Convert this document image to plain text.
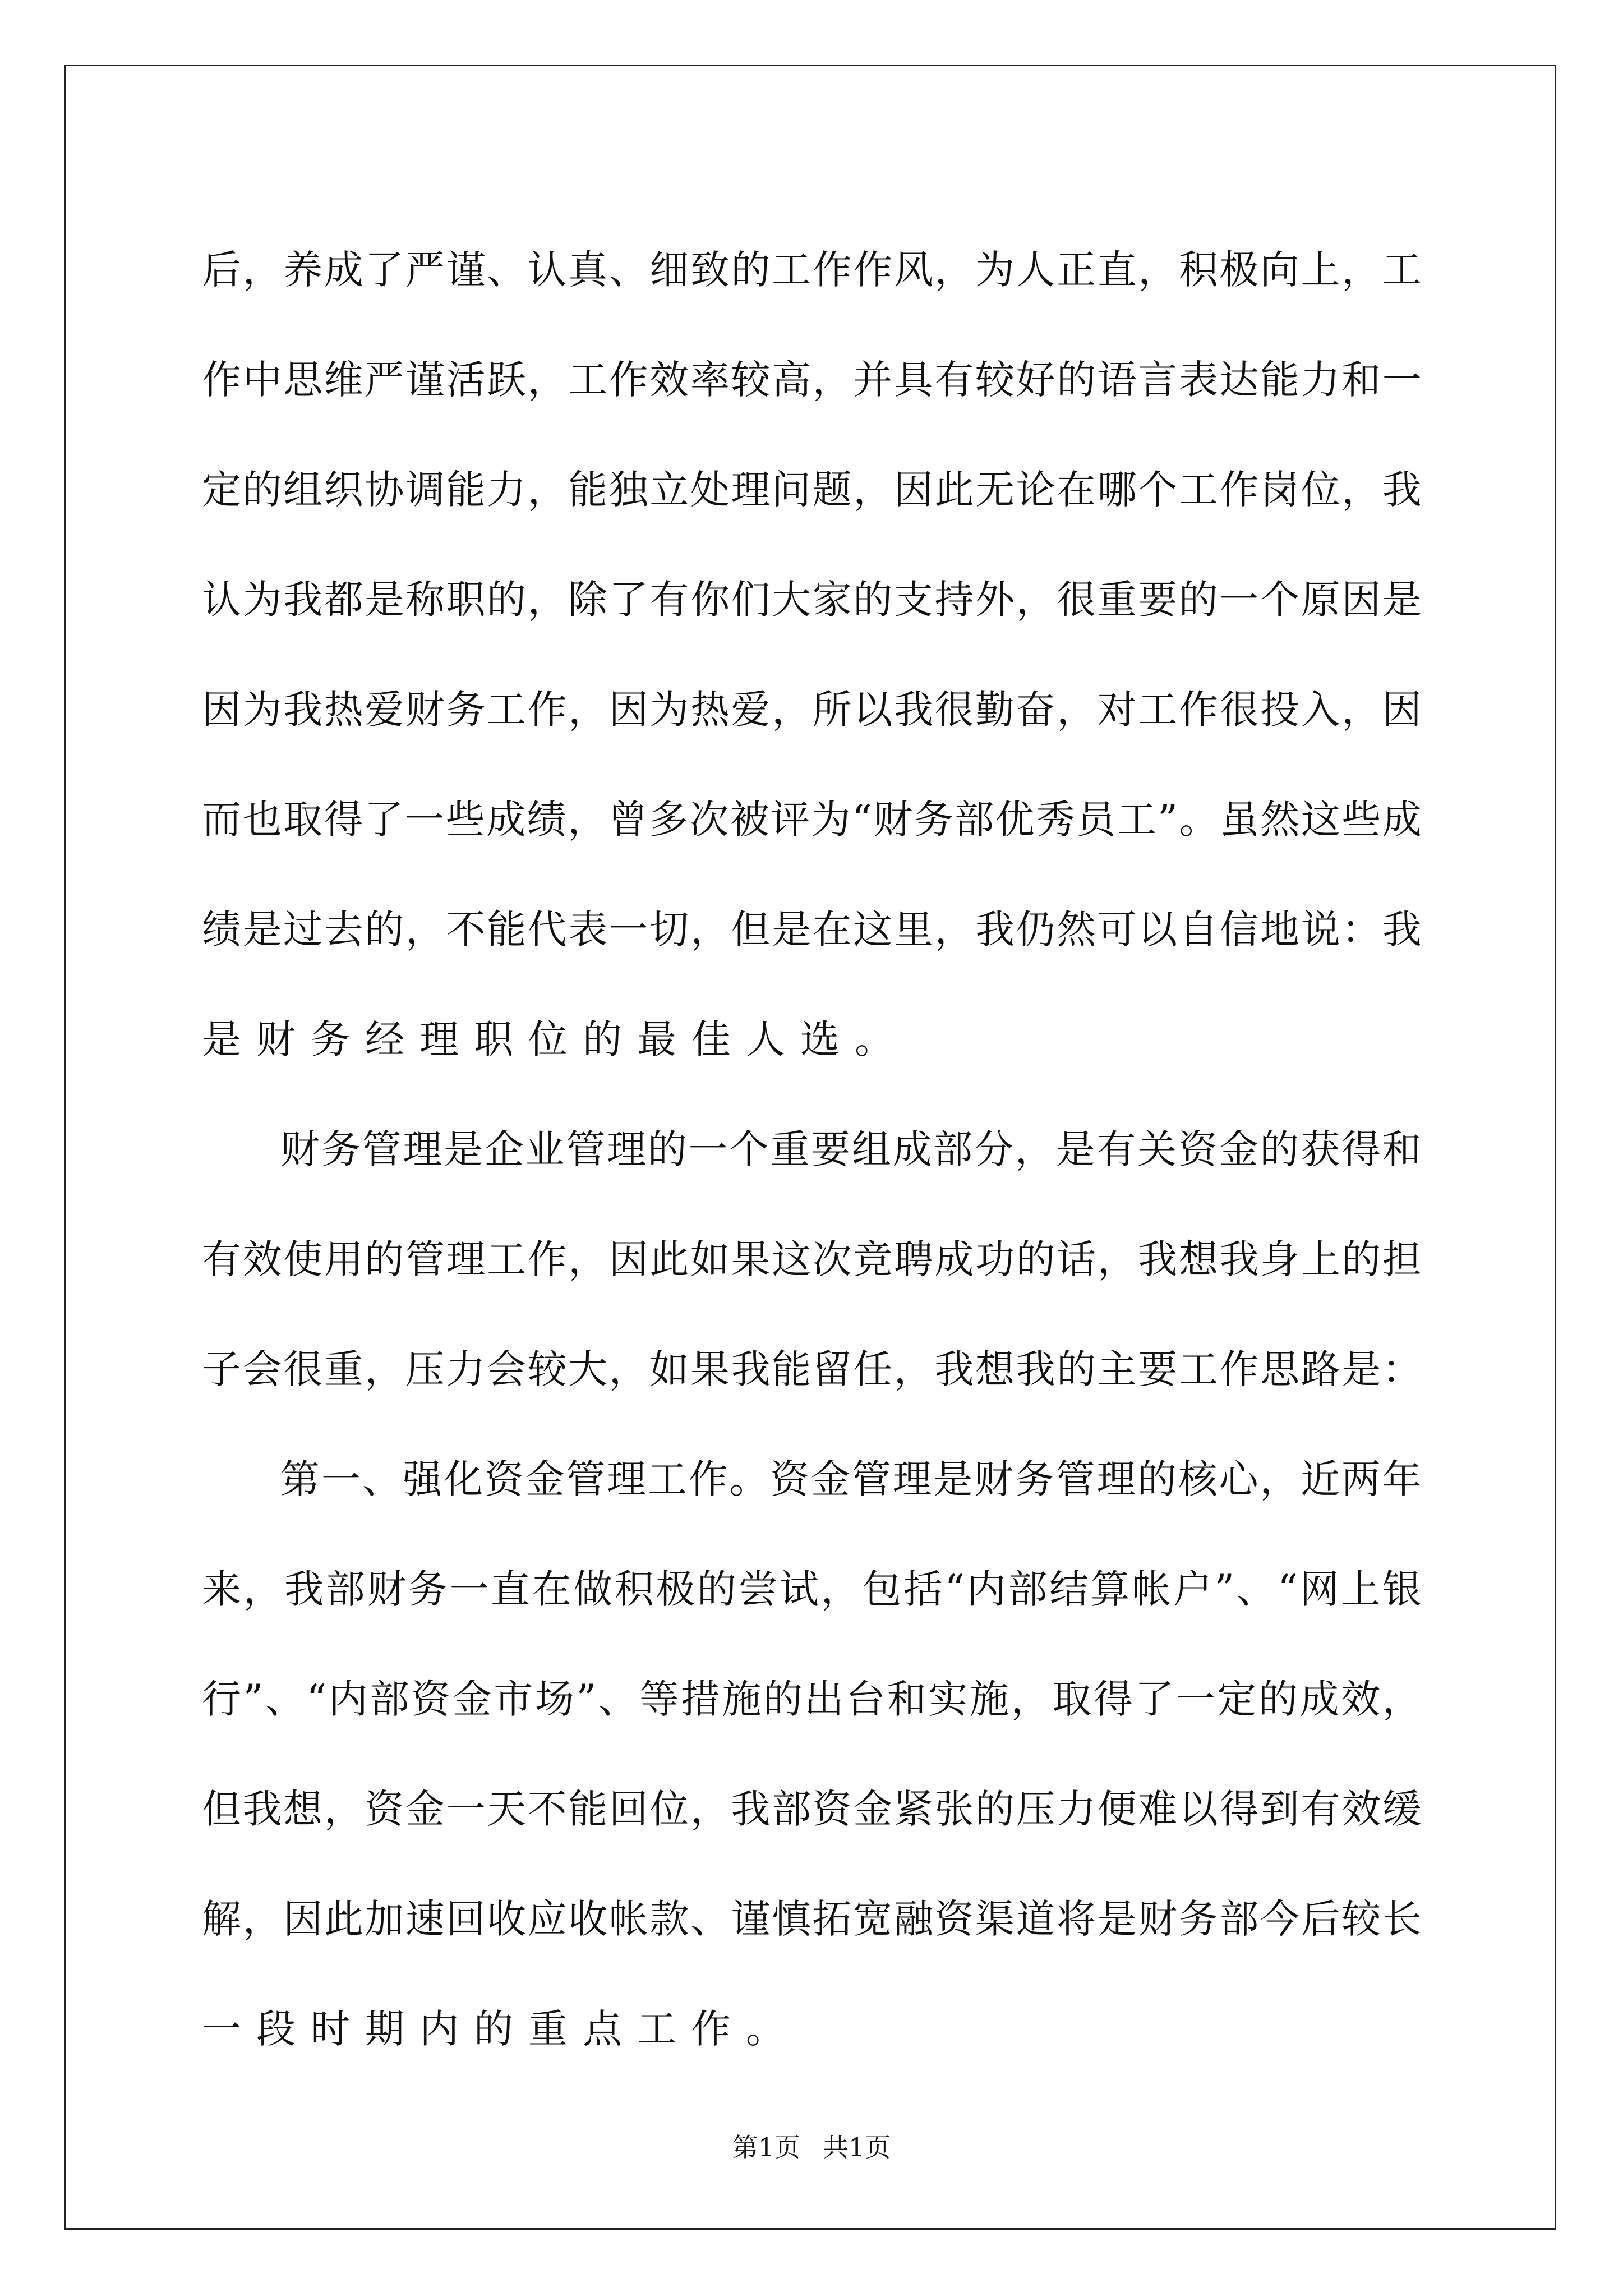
后 ， 养 成 了 严 谨 、 认 真 、 细 致 的 工 作 作 风 ， 为 人 正 直 ， 积 极 向 上 ， 工
作 中 思 维 严 谨 活 跃 ， 工 作 效 率 较 高 ， 并 具 有 较 好 的 语 言 表 达 能 力 和 一
定 的 组 织 协 调 能 力 ， 能 独 立 处 理 问 题 ， 因 此 无 论 在 哪 个 工 作 岗 位 ， 我
认 为 我 都 是 称 职 的 ， 除 了 有 你 们 大 家 的 支 持 外 ， 很 重 要 的 一 个 原 因 是
因 为 我 热 爱 财 务 工 作 ， 因 为 热 爱 ， 所 以 我 很 勤 奋 ， 对 工 作 很 投 入 ， 因
而 也 取 得 了 一 些 成 绩 ， 曾 多 次 被 评 为 “ 财 务 部 优 秀 员 工 ” 。 虽 然 这 些 成
绩 是 过 去 的 ， 不 能 代 表 一 切 ， 但 是 在 这 里 ， 我 仍 然 可 以 自 信 地 说 ： 我
是财务经理职位的最佳人选。
财 务 管 理 是 企 业 管 理 的 一 个 重 要 组 成 部 分 ， 是 有 关 资 金 的 获 得 和
有 效 使 用 的 管 理 工 作 ， 因 此 如 果 这 次 竞 聘 成 功 的 话 ， 我 想 我 身 上 的 担
子 会 很 重 ， 压 力 会 较 大 ， 如 果 我 能 留 任 ， 我 想 我 的 主 要 工 作 思 路 是 ：
第 一 、 强 化 资 金 管 理 工 作 。 资 金 管 理 是 财 务 管 理 的 核 心 ， 近 两 年
来 ， 我 部 财 务 一 直 在 做 积 极 的 尝 试 ， 包 括 “ 内 部 结 算 帐 户 ” 、 “ 网 上 银
行 ” 、 “ 内 部 资 金 市 场 ” 、 等 措 施 的 出 台 和 实 施 ， 取 得 了 一 定 的 成 效 ，
但 我 想 ， 资 金 一 天 不 能 回 位 ， 我 部 资 金 紧 张 的 压 力 便 难 以 得 到 有 效 缓
解 ， 因 此 加 速 回 收 应 收 帐 款 、 谨 慎 拓 宽 融 资 渠 道 将 是 财 务 部 今 后 较 长
一段时期内的重点工作。
第1页 共1页
